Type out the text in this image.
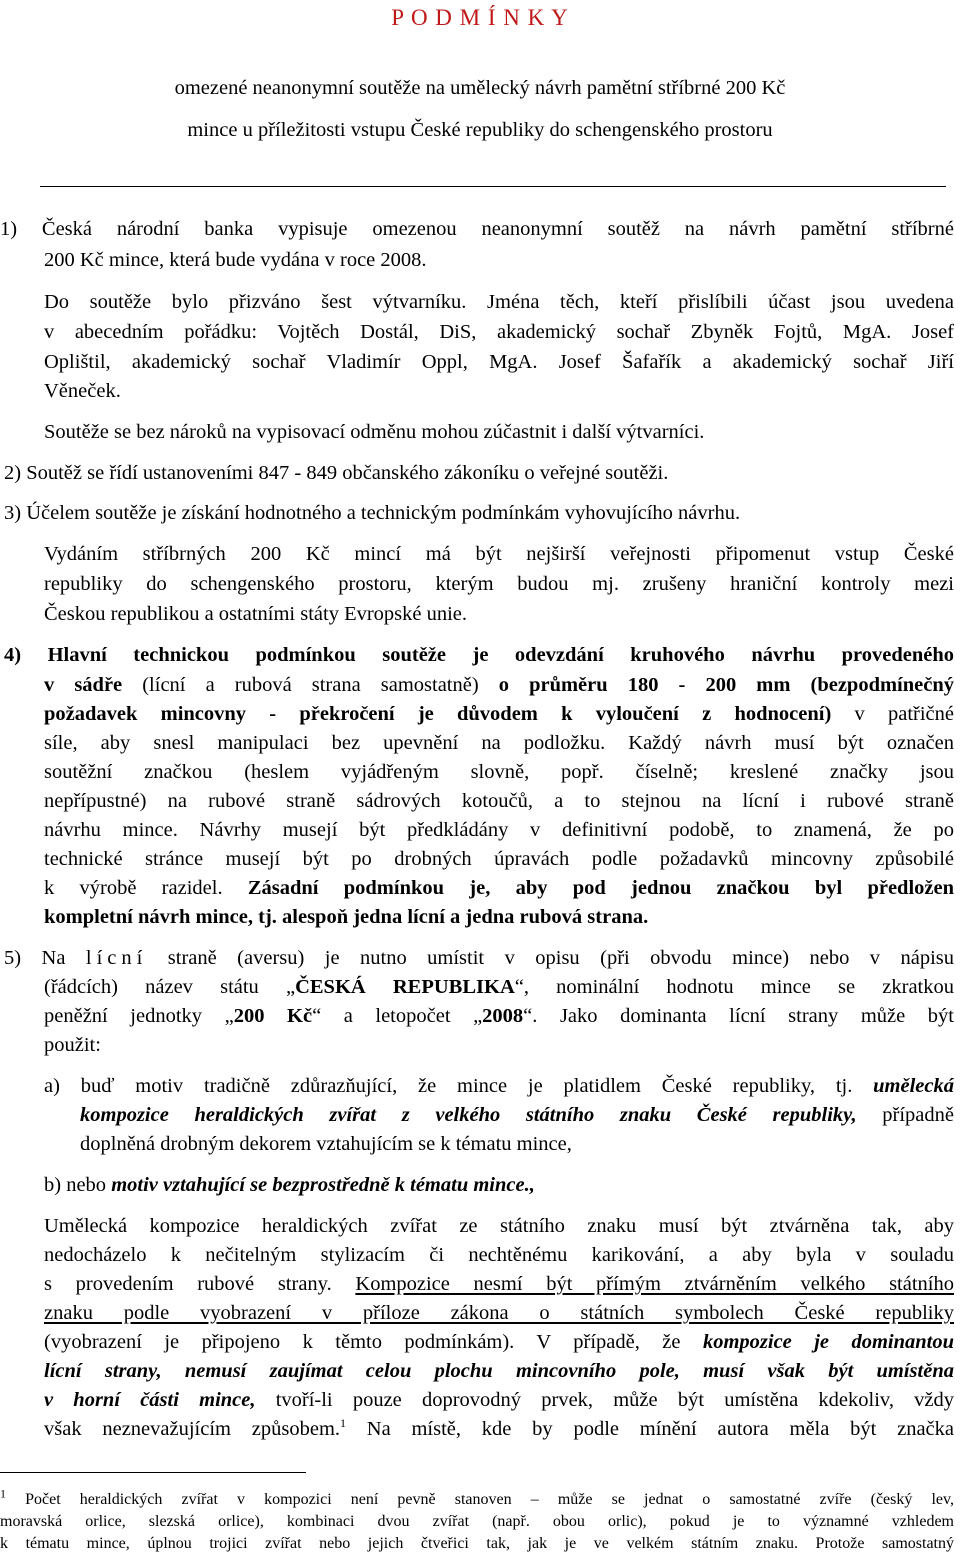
P O D M Í N K Y
omezené neanonymní soutěže na umělecký návrh pamětní stříbrné 200 Kč
mince u příležitosti vstupu České republiky do schengenského prostoru
1) Česká národní banka vypisuje omezenou neanonymní soutěž na návrh pamětní stříbrné
200 Kč mince, která bude vydána v roce 2008.
Do soutěže bylo přizváno šest výtvarníku. Jména těch, kteří přislíbili účast jsou uvedena
v abecedním pořádku: Vojtěch Dostál, DiS, akademický sochař Zbyněk Fojtů, MgA. Josef
Oplištil, akademický sochař Vladimír Oppl, MgA. Josef Šafařík a akademický sochař Jiří
Věneček.
Soutěže se bez nároků na vypisovací odměnu mohou zúčastnit i další výtvarníci.
2) Soutěž se řídí ustanoveními 847 - 849 občanského zákoníku o veřejné soutěži.
3) Účelem soutěže je získání hodnotného a technickým podmínkám vyhovujícího návrhu.
Vydáním stříbrných 200 Kč mincí má být nejširší veřejnosti připomenut vstup České
republiky do schengenského prostoru, kterým budou mj. zrušeny hraniční kontroly mezi
Českou republikou a ostatními státy Evropské unie.
4) Hlavní technickou podmínkou soutěže je odevzdání kruhového návrhu provedeného
v sádře (lícní a rubová strana samostatně) o průměru 180 - 200 mm (bezpodmínečný
požadavek mincovny - překročení je důvodem k vyloučení z hodnocení) v patřičné
síle, aby snesl manipulaci bez upevnění na podložku. Každý návrh musí být označen
soutěžní značkou (heslem vyjádřeným slovně, popř. číselně; kreslené značky jsou
nepřípustné) na rubové straně sádrových kotoučů, a to stejnou na lícní i rubové straně
návrhu mince. Návrhy musejí být předkládány v definitivní podobě, to znamená, že po
technické stránce musejí být po drobných úpravách podle požadavků mincovny způsobilé
k výrobě razidel. Zásadní podmínkou je, aby pod jednou značkou byl předložen
kompletní návrh mince, tj. alespoň jedna lícní a jedna rubová strana.
5) Na lícní straně (aversu) je nutno umístit v opisu (při obvodu mince) nebo v nápisu
(řádcích) název státu „ČESKÁ REPUBLIKA“, nominální hodnotu mince se zkratkou
peněžní jednotky „200 Kč“ a letopočet „2008“. Jako dominanta lícní strany může být
použit:
a) buď motiv tradičně zdůrazňující, že mince je platidlem České republiky, tj. umělecká
kompozice heraldických zvířat z velkého státního znaku České republiky, případně
doplněná drobným dekorem vztahujícím se k tématu mince,
b) nebo motiv vztahující se bezprostředně k tématu mince.,
Umělecká kompozice heraldických zvířat ze státního znaku musí být ztvárněna tak, aby
nedocházelo k nečitelným stylizacím či nechtěnému karikování, a aby byla v souladu
s provedením rubové strany. Kompozice nesmí být přímým ztvárněním velkého státního
znaku podle vyobrazení v příloze zákona o státních symbolech České republiky
(vyobrazení je připojeno k těmto podmínkám). V případě, že kompozice je dominantou
lícní strany, nemusí zaujímat celou plochu mincovního pole, musí však být umístěna
v horní části mince, tvoří-li pouze doprovodný prvek, může být umístěna kdekoliv, vždy
však neznevažujícím způsobem.$^1$ Na místě, kde by podle mínění autora měla být značka
$^1$ Počet heraldických zvířat v kompozici není pevně stanoven – může se jednat o samostatné zvíře (český lev,
moravská orlice, slezská orlice), kombinaci dvou zvířat (např. obou orlic), pokud je to významné vzhledem
k tématu mince, úplnou trojici zvířat nebo jejich čtveřici tak, jak je ve velkém státním znaku. Protože samostatný
